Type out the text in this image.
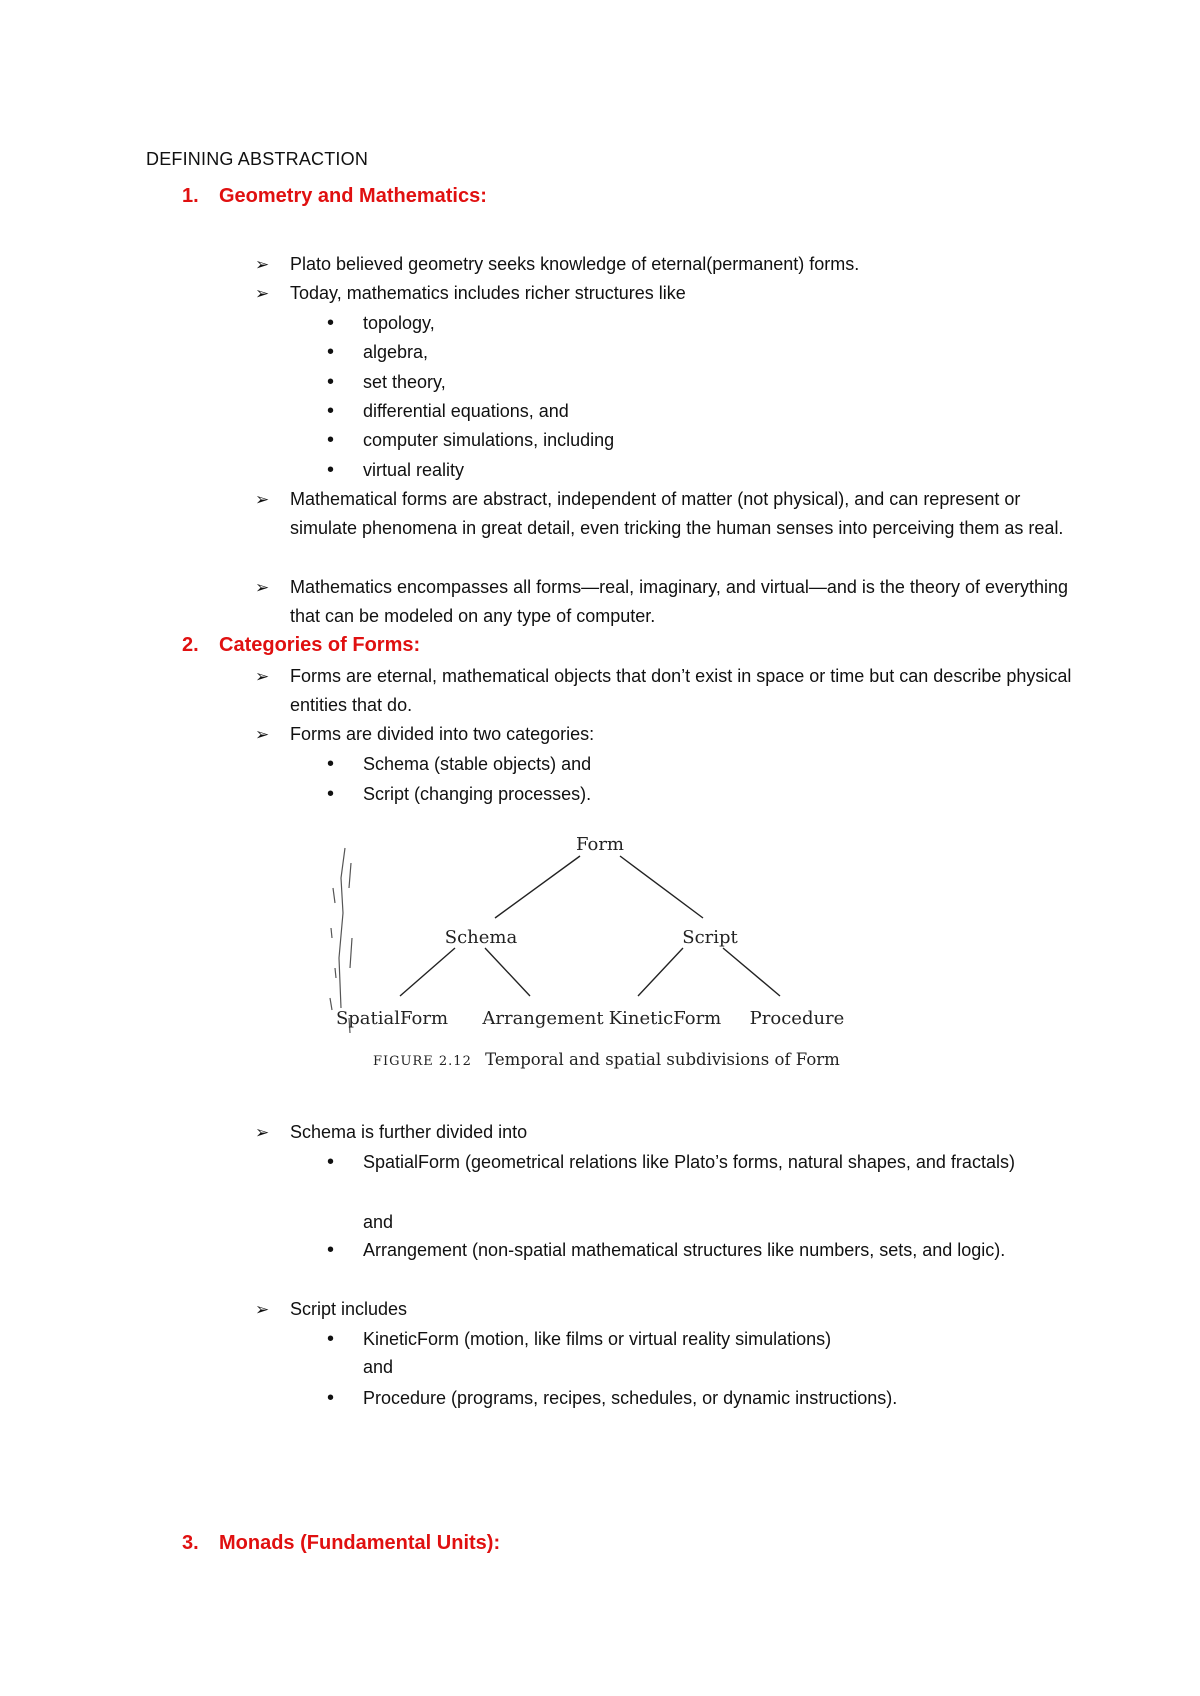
DEFINING ABSTRACTION
1. Geometry and Mathematics:
➢ Plato believed geometry seeks knowledge of eternal(permanent) forms.
➢ Today, mathematics includes richer structures like
• topology,
• algebra,
• set theory,
• differential equations, and
• computer simulations, including
• virtual reality
➢ Mathematical forms are abstract, independent of matter (not physical), and can represent or simulate phenomena in great detail, even tricking the human senses into perceiving them as real.
➢ Mathematics encompasses all forms—real, imaginary, and virtual—and is the theory of everything that can be modeled on any type of computer.
2. Categories of Forms:
➢ Forms are eternal, mathematical objects that don’t exist in space or time but can describe physical entities that do.
➢ Forms are divided into two categories:
• Schema (stable objects) and
• Script (changing processes).
Form
Schema	Script
SpatialForm Arrangement KineticForm Procedure
FIGURE 2.12 Temporal and spatial subdivisions of Form
➢ Schema is further divided into
• SpatialForm (geometrical relations like Plato’s forms, natural shapes, and fractals)
and
• Arrangement (non-spatial mathematical structures like numbers, sets, and logic).
➢ Script includes
• KineticForm (motion, like films or virtual reality simulations)
and
• Procedure (programs, recipes, schedules, or dynamic instructions).
3. Monads (Fundamental Units):
